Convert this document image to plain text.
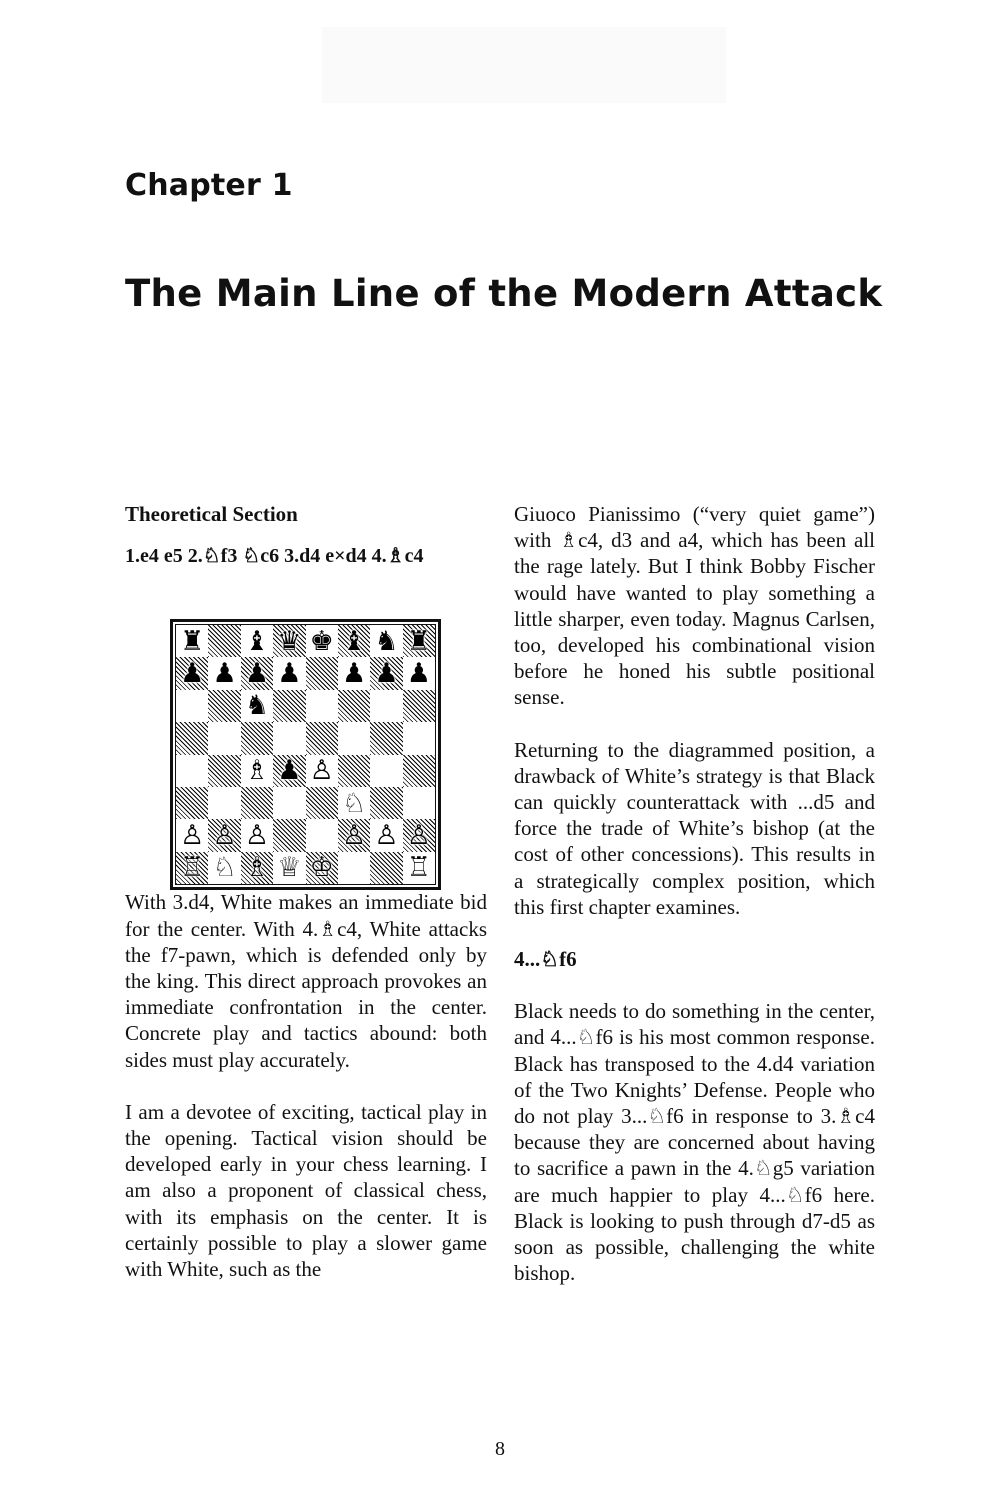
Chapter 1
The Main Line of the Modern Attack

Theoretical Section

1.e4 e5 2.♘f3 ♘c6 3.d4 e×d4 4.♗c4

With 3.d4, White makes an immediate bid for the center. With 4.♗c4, White attacks the f7-pawn, which is defended only by the king. This direct approach provokes an immediate confrontation in the center. Concrete play and tactics abound: both sides must play accurately.

I am a devotee of exciting, tactical play in the opening. Tactical vision should be developed early in your chess learning. I am also a proponent of classical chess, with its emphasis on the center. It is certainly possible to play a slower game with White, such as the

♜ ♝ ♛ ♚ ♝ ♞ ♜
♟ ♟ ♟ ♟ ♟ ♟ ♟
♞
♗ ♟ ♙
♘
♙ ♙ ♙	♙ ♙ ♙
♖ ♘ ♗ ♕ ♔	♖

Giuoco Pianissimo (“very quiet game”) with ♗c4, d3 and a4, which has been all the rage lately. But I think Bobby Fischer would have wanted to play something a little sharper, even today. Magnus Carlsen, too, developed his combinational vision before he honed his subtle positional sense.

Returning to the diagrammed position, a drawback of White’s strategy is that Black can quickly counterattack with ...d5 and force the trade of White’s bishop (at the cost of other concessions). This results in a strategically complex position, which this first chapter examines.

4...♘f6

Black needs to do something in the center, and 4...♘f6 is his most common response. Black has transposed to the 4.d4 variation of the Two Knights’ Defense. People who do not play 3...♘f6 in response to 3.♗c4 because they are concerned about having to sacrifice a pawn in the 4.♘g5 variation are much happier to play 4...♘f6 here. Black is looking to push through d7-d5 as soon as possible, challenging the white bishop.

8
